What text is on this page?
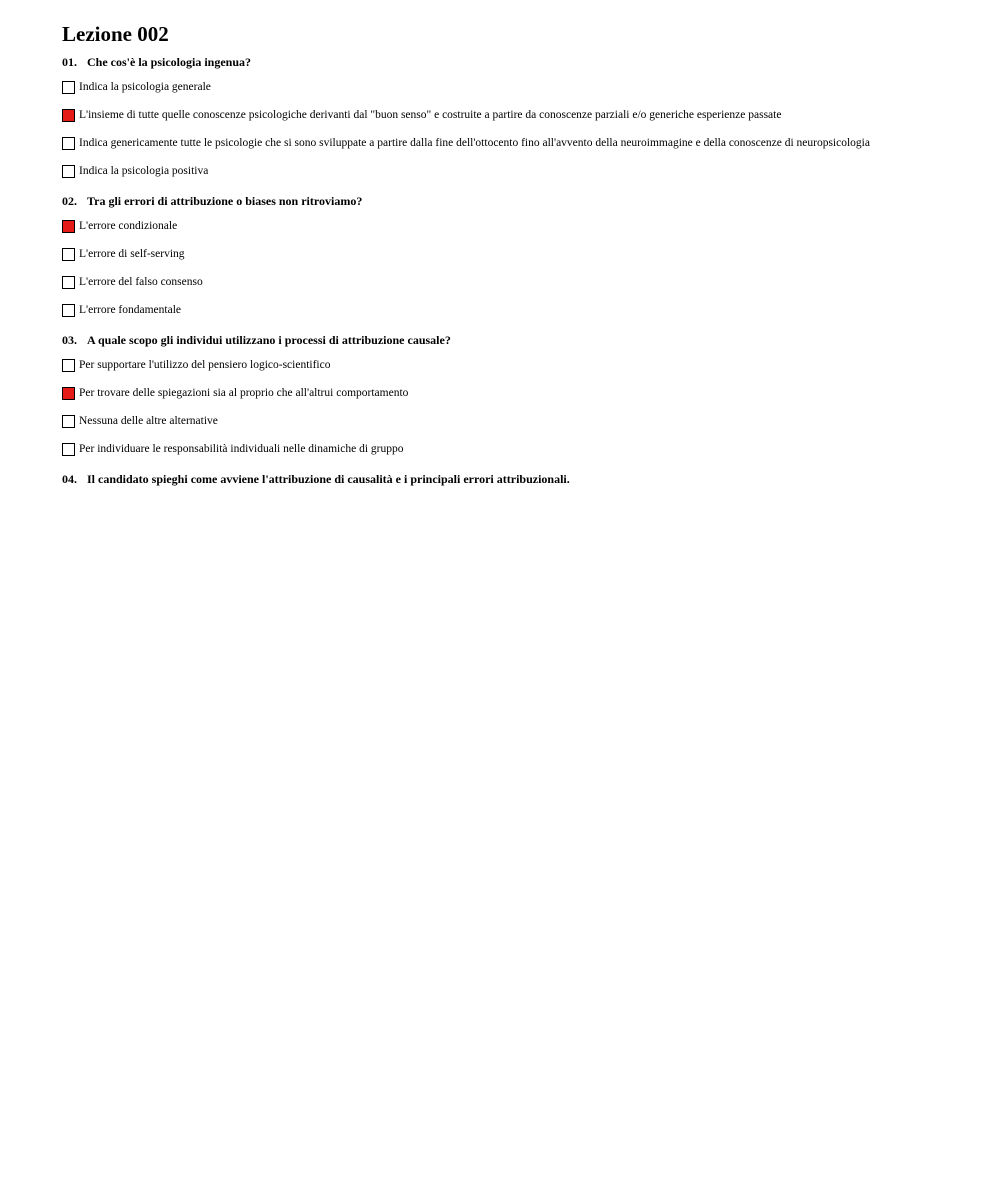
Lezione 002
01. Che cos'è la psicologia ingenua?
Indica la psicologia generale
L'insieme di tutte quelle conoscenze psicologiche derivanti dal "buon senso" e costruite a partire da conoscenze parziali e/o generiche esperienze passate
Indica genericamente tutte le psicologie che si sono sviluppate a partire dalla fine dell'ottocento fino all'avvento della neuroimmagine e della conoscenze di neuropsicologia
Indica la psicologia positiva
02. Tra gli errori di attribuzione o biases non ritroviamo?
L'errore condizionale
L'errore di self-serving
L'errore del falso consenso
L'errore fondamentale
03. A quale scopo gli individui utilizzano i processi di attribuzione causale?
Per supportare l'utilizzo del pensiero logico-scientifico
Per trovare delle spiegazioni sia al proprio che all'altrui comportamento
Nessuna delle altre alternative
Per individuare le responsabilità individuali nelle dinamiche di gruppo
04. Il candidato spieghi come avviene l'attribuzione di causalità e i principali errori attribuzionali.
